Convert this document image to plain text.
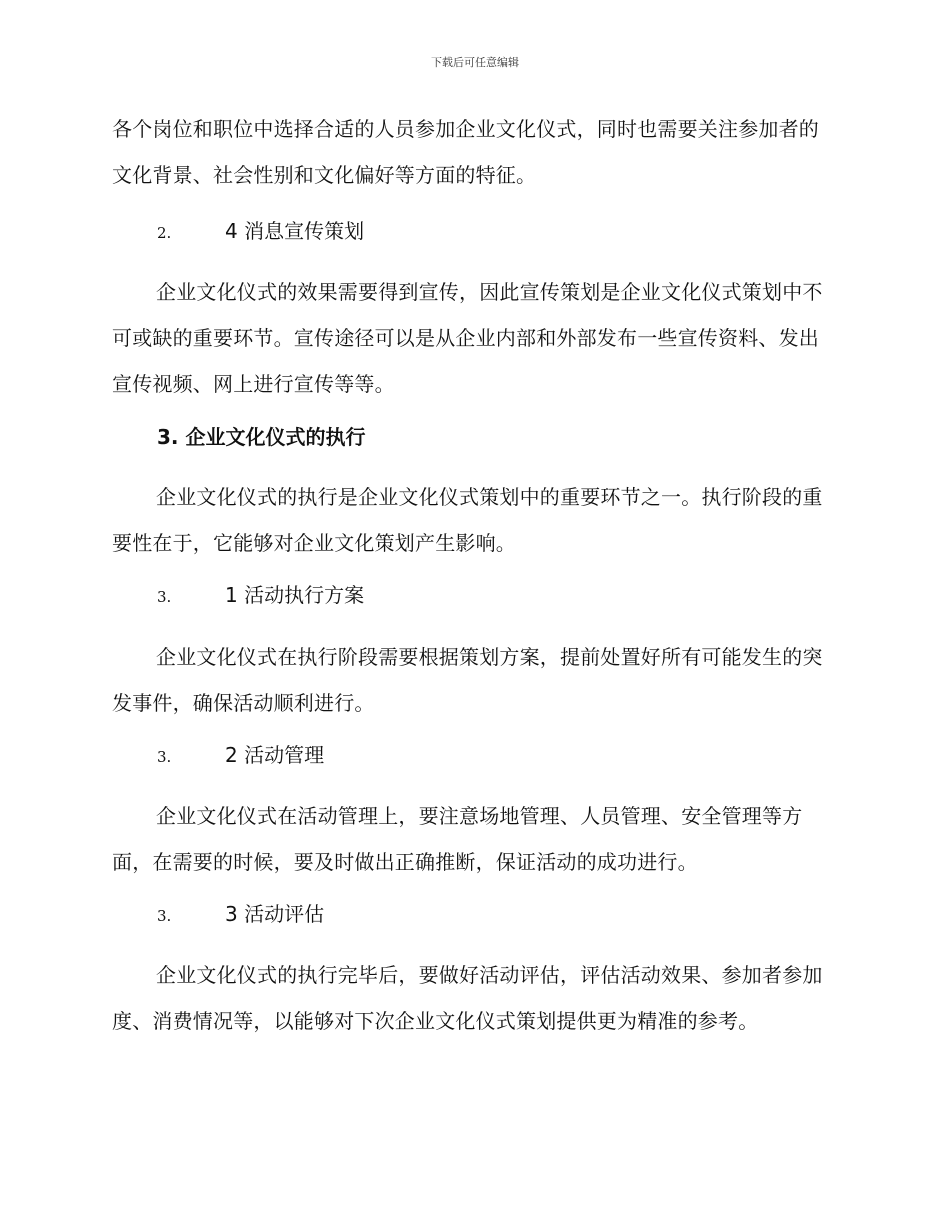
下载后可任意编辑

各个岗位和职位中选择合适的人员参加企业文化仪式，同时也需要关注参加者的文化背景、社会性别和文化偏好等方面的特征。

2.	4 消息宣传策划

企业文化仪式的效果需要得到宣传，因此宣传策划是企业文化仪式策划中不可或缺的重要环节。宣传途径可以是从企业内部和外部发布一些宣传资料、发出宣传视频、网上进行宣传等等。

3. 企业文化仪式的执行

企业文化仪式的执行是企业文化仪式策划中的重要环节之一。执行阶段的重要性在于，它能够对企业文化策划产生影响。

3.	1 活动执行方案

企业文化仪式在执行阶段需要根据策划方案，提前处置好所有可能发生的突发事件，确保活动顺利进行。

3.	2 活动管理

企业文化仪式在活动管理上，要注意场地管理、人员管理、安全管理等方面，在需要的时候，要及时做出正确推断，保证活动的成功进行。

3.	3 活动评估

企业文化仪式的执行完毕后，要做好活动评估，评估活动效果、参加者参加度、消费情况等，以能够对下次企业文化仪式策划提供更为精准的参考。
